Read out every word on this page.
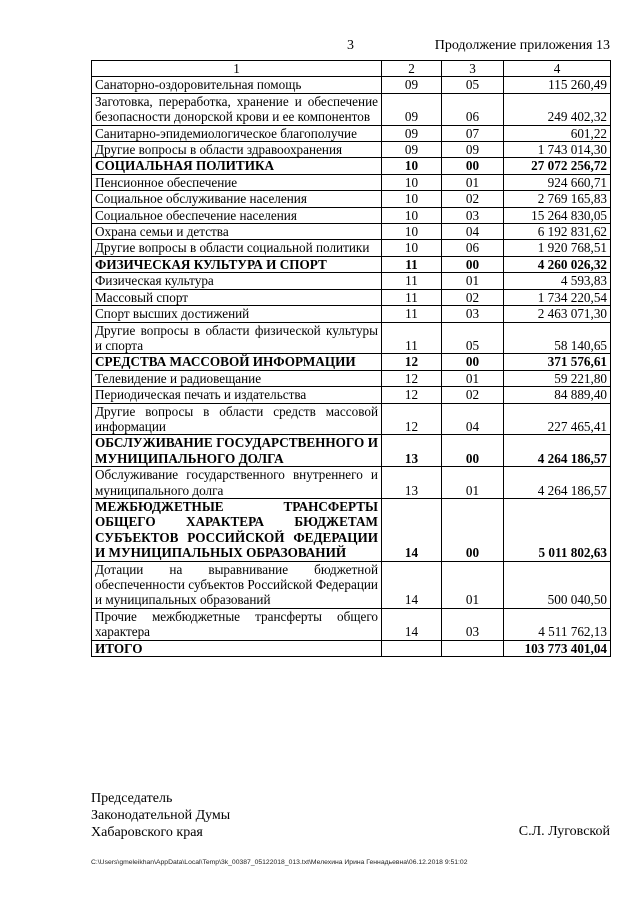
3	Продолжение приложения 13
1	2	3	4
Санаторно-оздоровительная помощь	09	05	115 260,49
Заготовка, переработка, хранение и обеспечение безопасности донорской крови и ее компонентов	09	06	249 402,32
Санитарно-эпидемиологическое благополучие	09	07	601,22
Другие вопросы в области здравоохранения	09	09	1 743 014,30
СОЦИАЛЬНАЯ ПОЛИТИКА	10	00	27 072 256,72
Пенсионное обеспечение	10	01	924 660,71
Социальное обслуживание населения	10	02	2 769 165,83
Социальное обеспечение населения	10	03	15 264 830,05
Охрана семьи и детства	10	04	6 192 831,62
Другие вопросы в области социальной политики	10	06	1 920 768,51
ФИЗИЧЕСКАЯ КУЛЬТУРА И СПОРТ	11	00	4 260 026,32
Физическая культура	11	01	4 593,83
Массовый спорт	11	02	1 734 220,54
Спорт высших достижений	11	03	2 463 071,30
Другие вопросы в области физической культуры и спорта	11	05	58 140,65
СРЕДСТВА МАССОВОЙ ИНФОРМАЦИИ	12	00	371 576,61
Телевидение и радиовещание	12	01	59 221,80
Периодическая печать и издательства	12	02	84 889,40
Другие вопросы в области средств массовой информации	12	04	227 465,41
ОБСЛУЖИВАНИЕ ГОСУДАРСТВЕННОГО И МУНИЦИПАЛЬНОГО ДОЛГА	13	00	4 264 186,57
Обслуживание государственного внутреннего и муниципального долга	13	01	4 264 186,57
МЕЖБЮДЖЕТНЫЕ ТРАНСФЕРТЫ ОБЩЕГО ХАРАКТЕРА БЮДЖЕТАМ СУБЪЕКТОВ РОССИЙСКОЙ ФЕДЕРАЦИИ И МУНИЦИПАЛЬНЫХ ОБРАЗОВАНИЙ	14	00	5 011 802,63
Дотации на выравнивание бюджетной обеспеченности субъектов Российской Федерации и муниципальных образований	14	01	500 040,50
Прочие межбюджетные трансферты общего характера	14	03	4 511 762,13
ИТОГО			103 773 401,04
Председатель
Законодательной Думы
Хабаровского края	С.Л. Луговской
C:\Users\gmeleikhan\AppData\Local\Temp\3k_00387_05122018_013.txt\Мелехина Ирина Геннадьевна\06.12.2018 9:51:02
